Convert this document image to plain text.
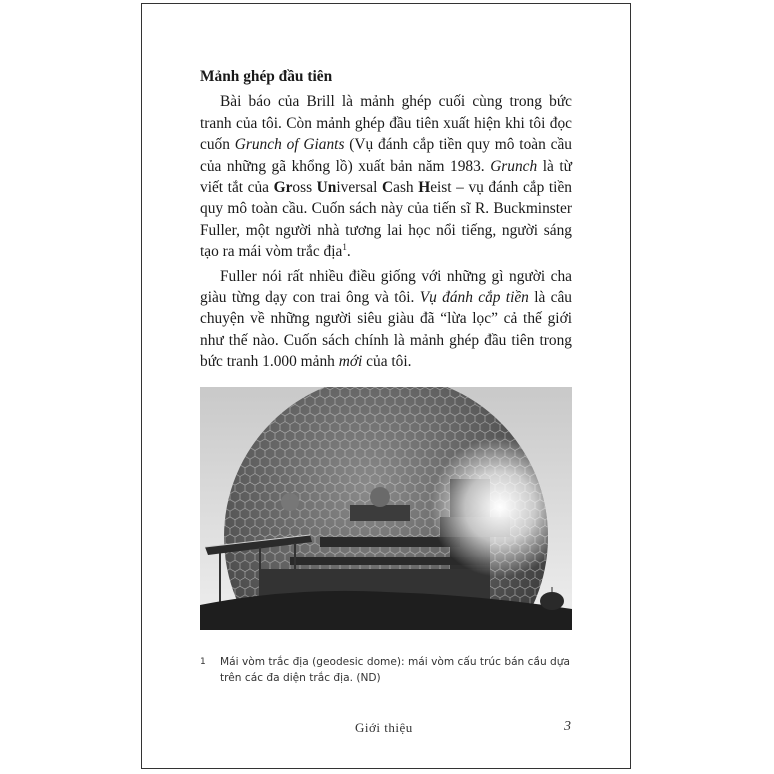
Mảnh ghép đầu tiên

Bài báo của Brill là mảnh ghép cuối cùng trong bức tranh của tôi. Còn mảnh ghép đầu tiên xuất hiện khi tôi đọc cuốn Grunch of Giants (Vụ đánh cắp tiền quy mô toàn cầu của những gã khổng lồ) xuất bản năm 1983. Grunch là từ viết tắt của Gross Universal Cash Heist – vụ đánh cắp tiền quy mô toàn cầu. Cuốn sách này của tiến sĩ R. Buckminster Fuller, một người nhà tương lai học nổi tiếng, người sáng tạo ra mái vòm trắc địa$^1$.

Fuller nói rất nhiều điều giống với những gì người cha giàu từng dạy con trai ông và tôi. Vụ đánh cắp tiền là câu chuyện về những người siêu giàu đã “lừa lọc” cả thế giới như thế nào. Cuốn sách chính là mảnh ghép đầu tiên trong bức tranh 1.000 mảnh mới của tôi.

1	Mái vòm trắc địa (geodesic dome): mái vòm cấu trúc bán cầu dựa trên các đa diện trắc địa. (ND)
Giới thiệu	3
